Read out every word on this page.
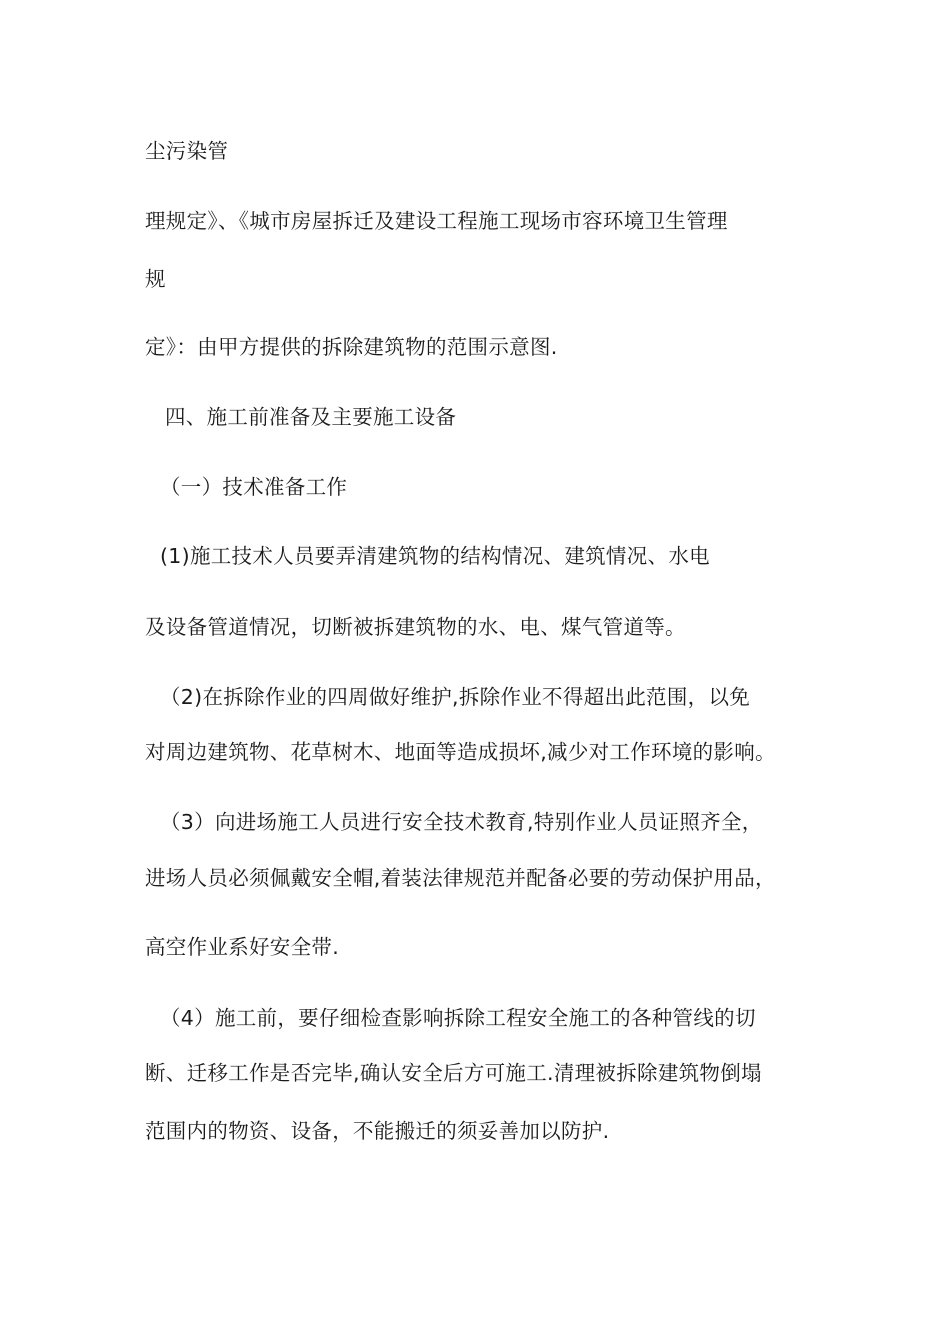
尘污染管
理规定》、《城市房屋拆迁及建设工程施工现场市容环境卫生管理
规
定》：由甲方提供的拆除建筑物的范围示意图.
四、施工前准备及主要施工设备
（一）技术准备工作
(1)施工技术人员要弄清建筑物的结构情况、建筑情况、水电
及设备管道情况，切断被拆建筑物的水、电、煤气管道等。
（2)在拆除作业的四周做好维护,拆除作业不得超出此范围，以免
对周边建筑物、花草树木、地面等造成损坏,减少对工作环境的影响。
（3）向进场施工人员进行安全技术教育,特别作业人员证照齐全，
进场人员必须佩戴安全帽,着装法律规范并配备必要的劳动保护用品，
高空作业系好安全带.
（4）施工前，要仔细检查影响拆除工程安全施工的各种管线的切
断、迁移工作是否完毕,确认安全后方可施工.清理被拆除建筑物倒塌
范围内的物资、设备，不能搬迁的须妥善加以防护.
